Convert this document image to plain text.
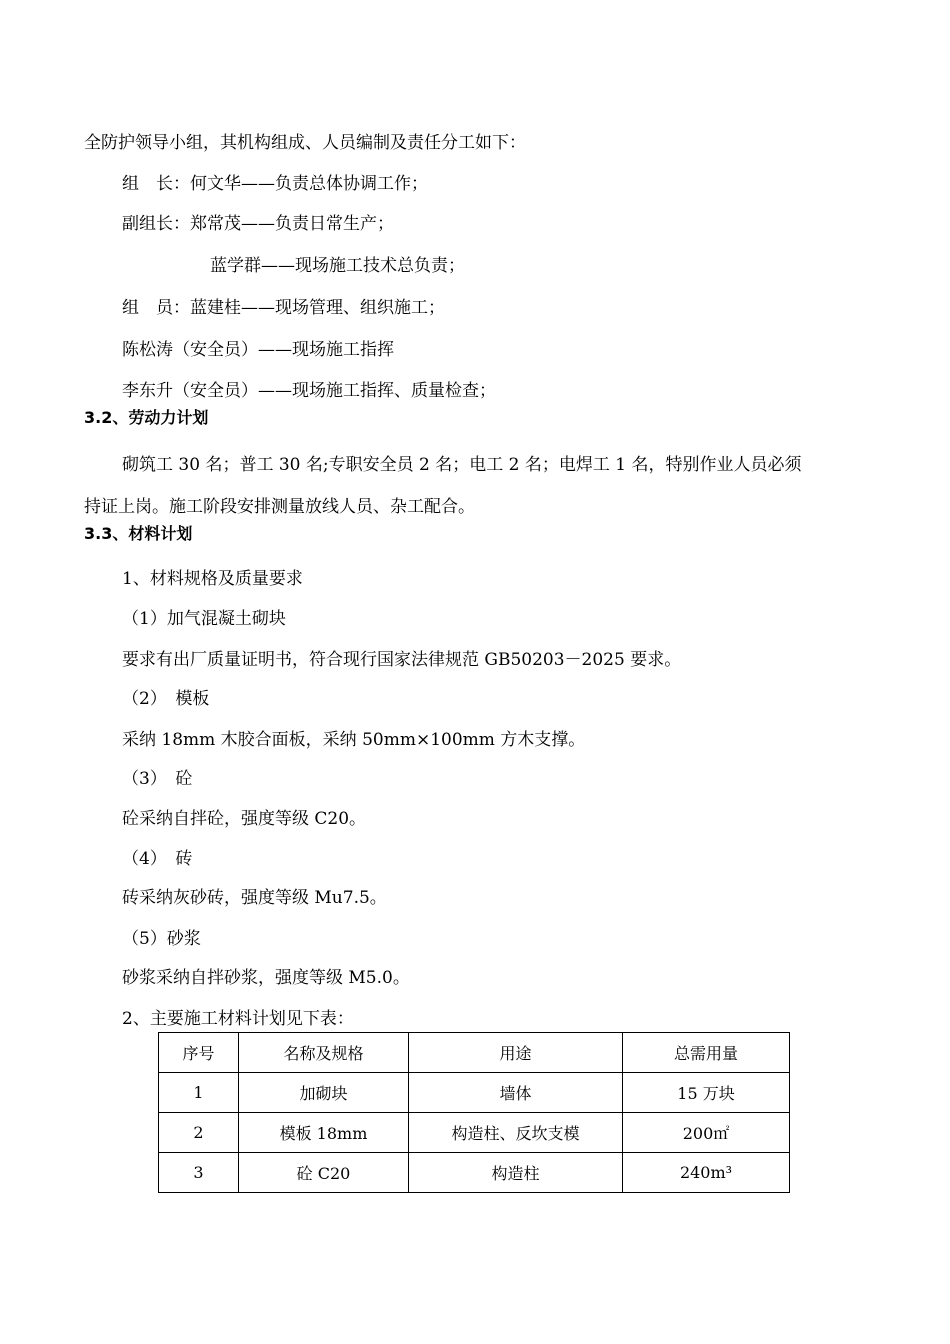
全防护领导小组，其机构组成、人员编制及责任分工如下：

组　长：何文华——负责总体协调工作；

副组长：郑常茂——负责日常生产；

蓝学群——现场施工技术总负责；

组　员：蓝建桂——现场管理、组织施工；

陈松涛（安全员）——现场施工指挥

李东升（安全员）——现场施工指挥、质量检查；

3.2、劳动力计划

砌筑工 30 名；普工 30 名;专职安全员 2 名；电工 2 名；电焊工 1 名，特别作业人员必须

持证上岗。施工阶段安排测量放线人员、杂工配合。

3.3、材料计划

1、材料规格及质量要求

（1）加气混凝土砌块

要求有出厂质量证明书，符合现行国家法律规范 GB50203－2025 要求。

（2）　模板

采纳 18mm 木胶合面板，采纳 50mm×100mm 方木支撑。

（3）　砼

砼采纳自拌砼，强度等级 C20。

（4）　砖

砖采纳灰砂砖，强度等级 Mu7.5。

（5）砂浆

砂浆采纳自拌砂浆，强度等级 M5.0。

2、主要施工材料计划见下表：

序号	名称及规格	用途	总需用量
1	加砌块	墙体	15 万块
2	模板 18mm	构造柱、反坎支模	200㎡
3	砼 C20	构造柱	240m³
